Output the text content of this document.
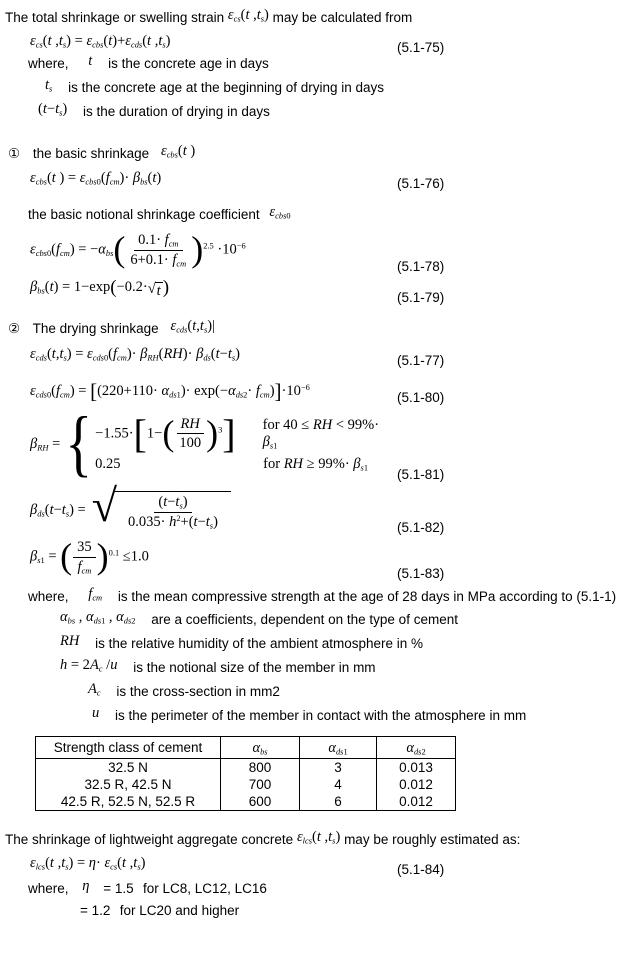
The total shrinkage or swelling strain $\varepsilon_{cs}(t$ $,t_s$) may be calculated from

$\varepsilon_{cs}(t$ $,t_s) = \varepsilon_{cbs}(t)+\varepsilon_{cds}(t$ $,t_s$)	(5.1-75)

where, t is the concrete age in days

$t_s$ is the concrete age at the beginning of drying in days

$(t-t_s)$ is the duration of drying in days

① the basic shrinkage $\varepsilon_{cbs}(t$ )

$\varepsilon_{cbs}(t$ ) = $\varepsilon_{cbs0}(f_{cm})\cdot \beta_{bs}(t)$	(5.1-76)

the basic notional shrinkage coefficient $\varepsilon_{cbs0}$

$\varepsilon_{cbs0}(f_{cm}) = -\alpha_{bs}$( $0.1\cdot f_{cm}$
$6+0.1\cdot f_{cm}$ )$^{2.5} \cdot 10^{-6}$
(5.1-78)
$\beta_{bs}(t) = 1-\exp(-0.2\cdot$ √ t )	(5.1-79)

② The drying shrinkage $\varepsilon_{cds}(t,t_s)|$

$\varepsilon_{cds}(t,t_s) = \varepsilon_{cds0}(f_{cm})\cdot \beta_{RH}(RH)\cdot \beta_{ds}(t-t_s)$	(5.1-77)
$\varepsilon_{cds0}(f_{cm}) = [(220+110\cdot \alpha_{ds1})\cdot \exp(-\alpha_{ds2}\cdot f_{cm})]\cdot 10^{-6}$
(5.1-80)
$\beta_{RH}$ = { $-1.55\cdot[1-( \frac{RH}{100} )^3]$	for 40 ≤ RH < $99\%\cdot \beta_{s1}$
0.25	for RH ≥ $99\%\cdot \beta_{s1}$ (5.1-81)
$\beta_{ds}(t-t_s)$ = √ $\frac{(t-t_s)}{0.035\cdot h^2+(t-t_s)}$	(5.1-82)
$\beta_{s1}$ = ( 35
$f_{cm}$ )$^{0.1}$ ≤1.0
(5.1-83)

where, $f_{cm}$ is the mean compressive strength at the age of 28 days in MPa according to (5.1-1)

$\alpha_{bs}$ , $\alpha_{ds1}$ , $\alpha_{ds2}$ are a coefficients, dependent on the type of cement

RH is the relative humidity of the ambient atmosphere in %

$h = 2A_c$ /u is the notional size of the member in mm

$A_c$ is the cross-section in mm2

u is the perimeter of the member in contact with the atmosphere in mm

Strength class of cement	$\alpha_{bs}$	$\alpha_{ds1}$	$\alpha_{ds2}$
32.5 N	800	3	0.013
32.5 R, 42.5 N	700	4	0.012
42.5 R, 52.5 N, 52.5 R	600	6	0.012

The shrinkage of lightweight aggregate concrete $\varepsilon_{lcs}(t$ $,t_s$) may be roughly estimated as:

$\varepsilon_{lcs}(t$ $,t_s) = \eta\cdot \varepsilon_{cs}(t$ $,t_s$)	(5.1-84)

where, η = 1.5 for LC8, LC12, LC16

= 1.2 for LC20 and higher
